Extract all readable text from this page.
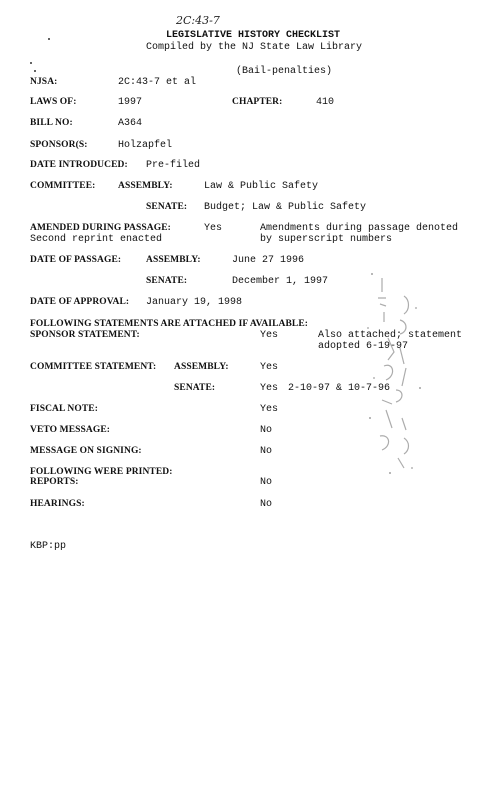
2C:43-7
LEGISLATIVE HISTORY CHECKLIST
Compiled by the NJ State Law Library
(Bail-penalties)
NJSA:	2C:43-7 et al
LAWS OF:	1997	CHAPTER:	410
BILL NO:	A364
SPONSOR(S:	Holzapfel
DATE INTRODUCED: Pre-filed
COMMITTEE: ASSEMBLY:	Law & Public Safety
SENATE: Budget; Law & Public Safety
AMENDED DURING PASSAGE:	Yes	Amendments during passage denoted
Second reprint enacted	by superscript numbers
DATE OF PASSAGE:	ASSEMBLY:	June 27 1996
SENATE:	December 1, 1997
DATE OF APPROVAL: January 19, 1998
FOLLOWING STATEMENTS ARE ATTACHED IF AVAILABLE:
SPONSOR STATEMENT:	Yes	Also attached; statement
adopted 6-19-97
COMMITTEE STATEMENT: ASSEMBLY:	Yes
SENATE:	Yes 2-10-97 & 10-7-96
FISCAL NOTE:	Yes
VETO MESSAGE:	No
MESSAGE ON SIGNING:	No
FOLLOWING WERE PRINTED:
REPORTS:	No
HEARINGS:	No
KBP:pp
